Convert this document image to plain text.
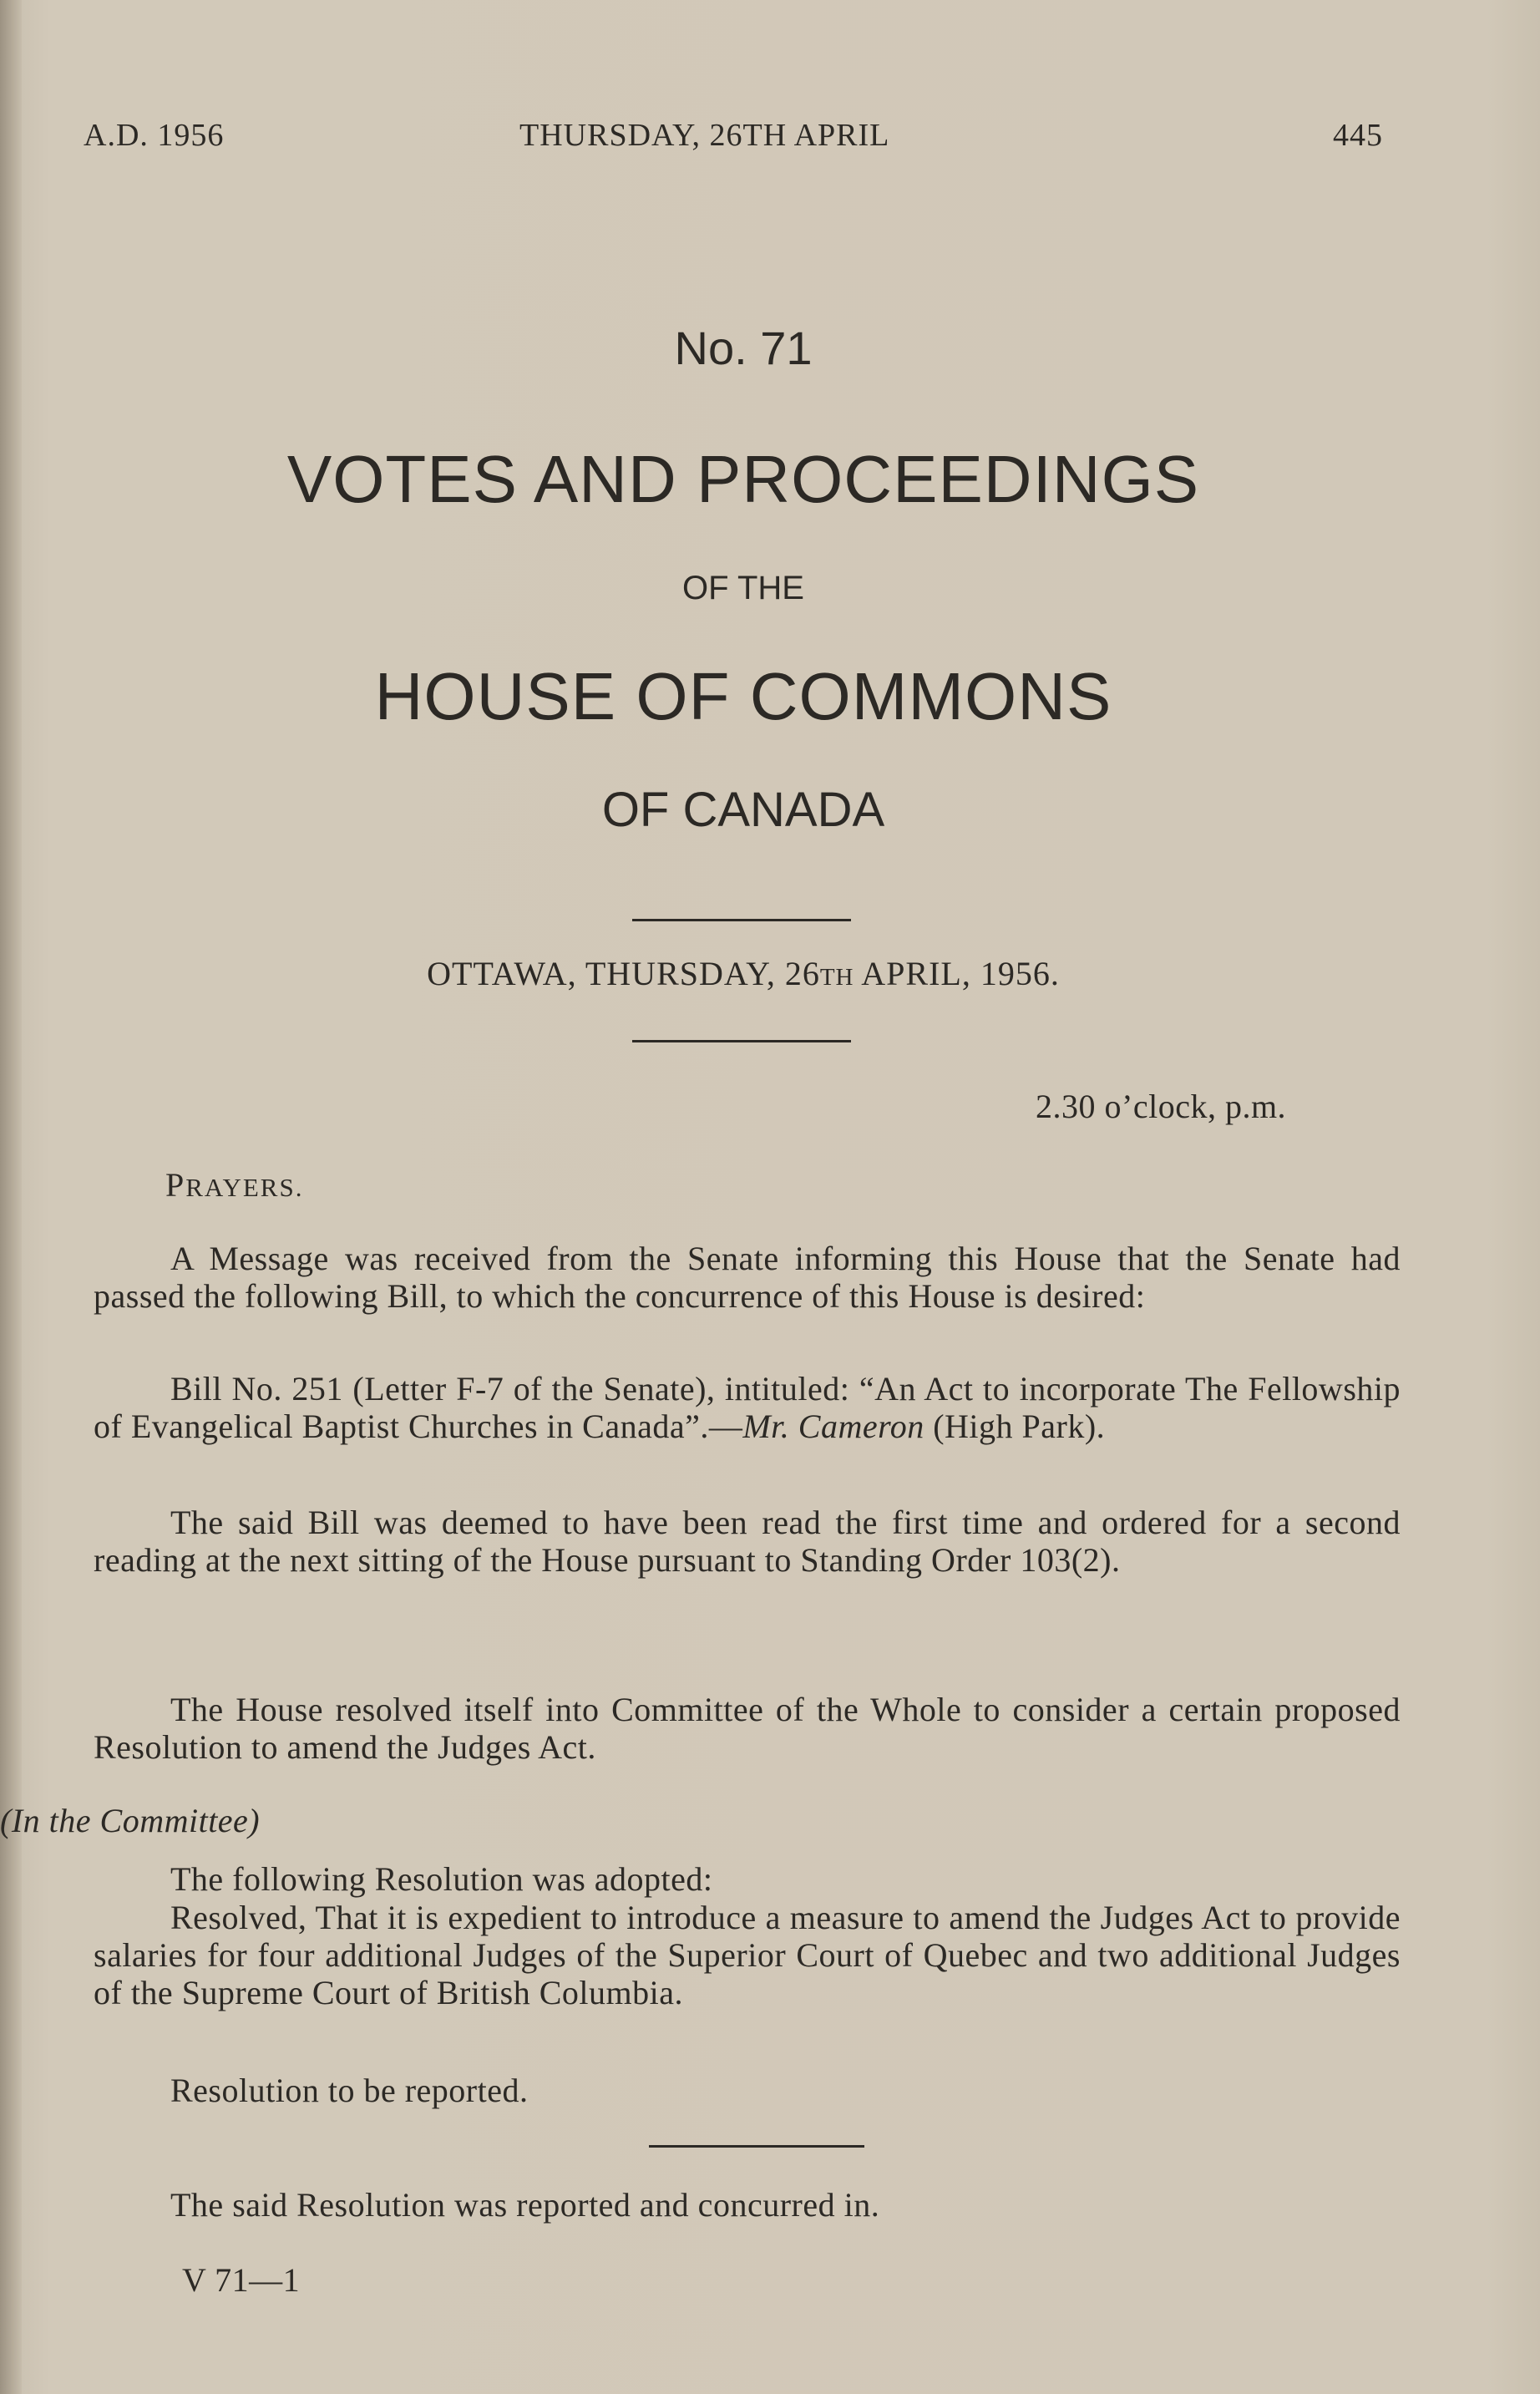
A.D. 1956	THURSDAY, 26TH APRIL	445
No. 71
VOTES AND PROCEEDINGS
OF THE
HOUSE OF COMMONS
OF CANADA
OTTAWA, THURSDAY, 26TH APRIL, 1956.
2.30 o’clock, p.m.
PRAYERS.
A Message was received from the Senate informing this House that the Senate had passed the following Bill, to which the concurrence of this House is desired:
Bill No. 251 (Letter F-7 of the Senate), intituled: “An Act to incorporate The Fellowship of Evangelical Baptist Churches in Canada”.—Mr. Cameron (High Park).
The said Bill was deemed to have been read the first time and ordered for a second reading at the next sitting of the House pursuant to Standing Order 103(2).
The House resolved itself into Committee of the Whole to consider a certain proposed Resolution to amend the Judges Act.
(In the Committee)
The following Resolution was adopted:
Resolved, That it is expedient to introduce a measure to amend the Judges Act to provide salaries for four additional Judges of the Superior Court of Quebec and two additional Judges of the Supreme Court of British Columbia.
Resolution to be reported.
The said Resolution was reported and concurred in.
V 71—1
